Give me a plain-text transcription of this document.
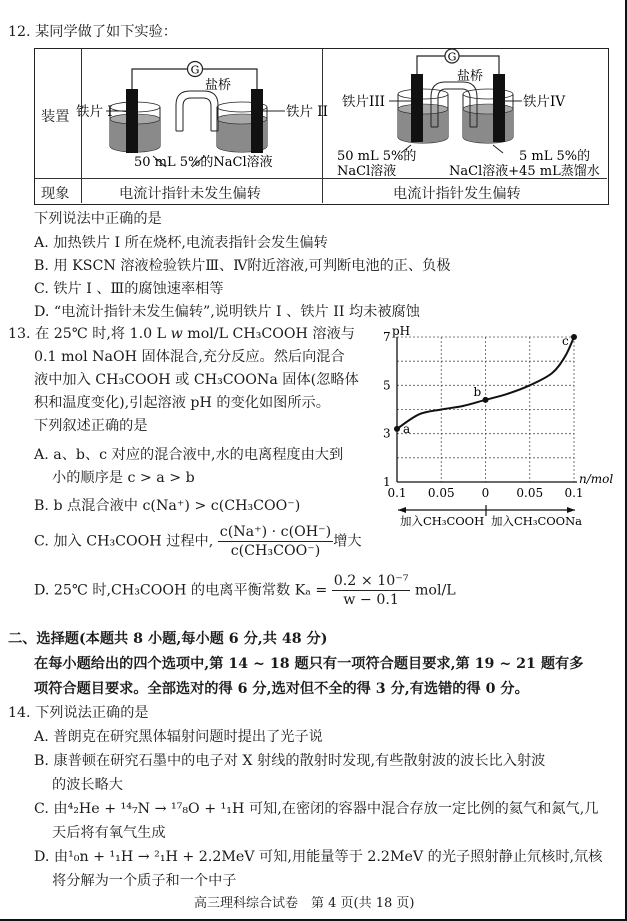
12. 某同学做了如下实验：
装置
现象	电流计指针未发生偏转	电流计指针发生偏转
G
铁片 I	铁片 II
盐桥
50 mL 5%的NaCl溶液
G
铁片III	铁片IV
盐桥
50 mL 5%的
NaCl溶液
5 mL 5%的
NaCl溶液+45 mL蒸馏水
下列说法中正确的是
A. 加热铁片 I 所在烧杯,电流表指针会发生偏转
B. 用 KSCN 溶液检验铁片Ⅲ、Ⅳ附近溶液,可判断电池的正、负极
C. 铁片 I 、Ⅲ的腐蚀速率相等
D. “电流计指针未发生偏转”,说明铁片 I 、铁片 II 均未被腐蚀
13. 在 25℃ 时,将 1.0 L w mol/L CH₃COOH 溶液与
0.1 mol NaOH 固体混合,充分反应。然后向混合
液中加入 CH₃COOH 或 CH₃COONa 固体(忽略体
积和温度变化),引起溶液 pH 的变化如图所示。
下列叙述正确的是
A. a、b、c 对应的混合液中,水的电离程度由大到
小的顺序是 c > a > b
B. b 点混合液中 c(Na⁺) > c(CH₃COO⁻)
C. 加入 CH₃COOH 过程中, $\frac{c(Na^+) \cdot c(OH^-)}{\text{c(CH₃COO⁻)}}$ 增大
D. 25℃ 时,CH₃COOH 的电离平衡常数 $K_a = \frac{\text{0.2 × 10⁻⁷}}{w - 0.1} mol/L$
pH
n/mol
7
5
3
1
0.1 0.05 0 0.05 0.1
a
b
c
加入CH₃COOH 加入CH₃COONa
二、选择题(本题共 8 小题,每小题 6 分,共 48 分)
在每小题给出的四个选项中,第 14 ~ 18 题只有一项符合题目要求,第 19 ~ 21 题有多
项符合题目要求。全部选对的得 6 分,选对但不全的得 3 分,有选错的得 0 分。
14. 下列说法正确的是
A. 普朗克在研究黑体辐射问题时提出了光子说
B. 康普顿在研究石墨中的电子对 X 射线的散射时发现,有些散射波的波长比入射波
的波长略大
C. 由⁴₂He + ¹⁴₇N → ¹⁷₈O + ¹₁H 可知,在密闭的容器中混合存放一定比例的氦气和氮气,几
天后将有氧气生成
D. 由¹₀n + ¹₁H → ²₁H + 2.2MeV 可知,用能量等于 2.2MeV 的光子照射静止氘核时,氘核
将分解为一个质子和一个中子
高三理科综合试卷　第 4 页(共 18 页)
